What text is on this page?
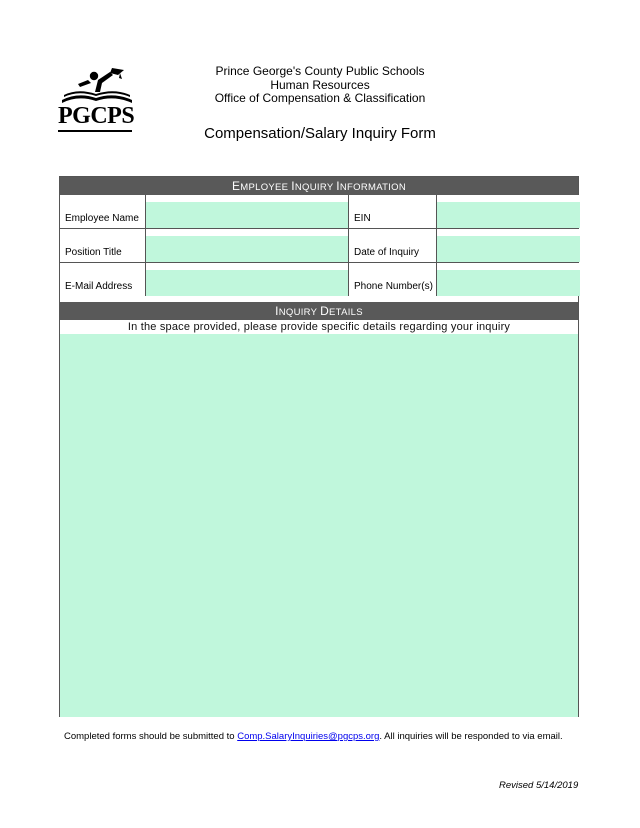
PGCPS
Prince George's County Public Schools
Human Resources
Office of Compensation & Classification
Compensation/Salary Inquiry Form
EMPLOYEE INQUIRY INFORMATION
Employee Name	EIN
Position Title	Date of Inquiry
E-Mail Address	Phone Number(s)
INQUIRY DETAILS
In the space provided, please provide specific details regarding your inquiry
Completed forms should be submitted to Comp.SalaryInquiries@pgcps.org. All inquiries will be responded to via email.
Revised 5/14/2019
